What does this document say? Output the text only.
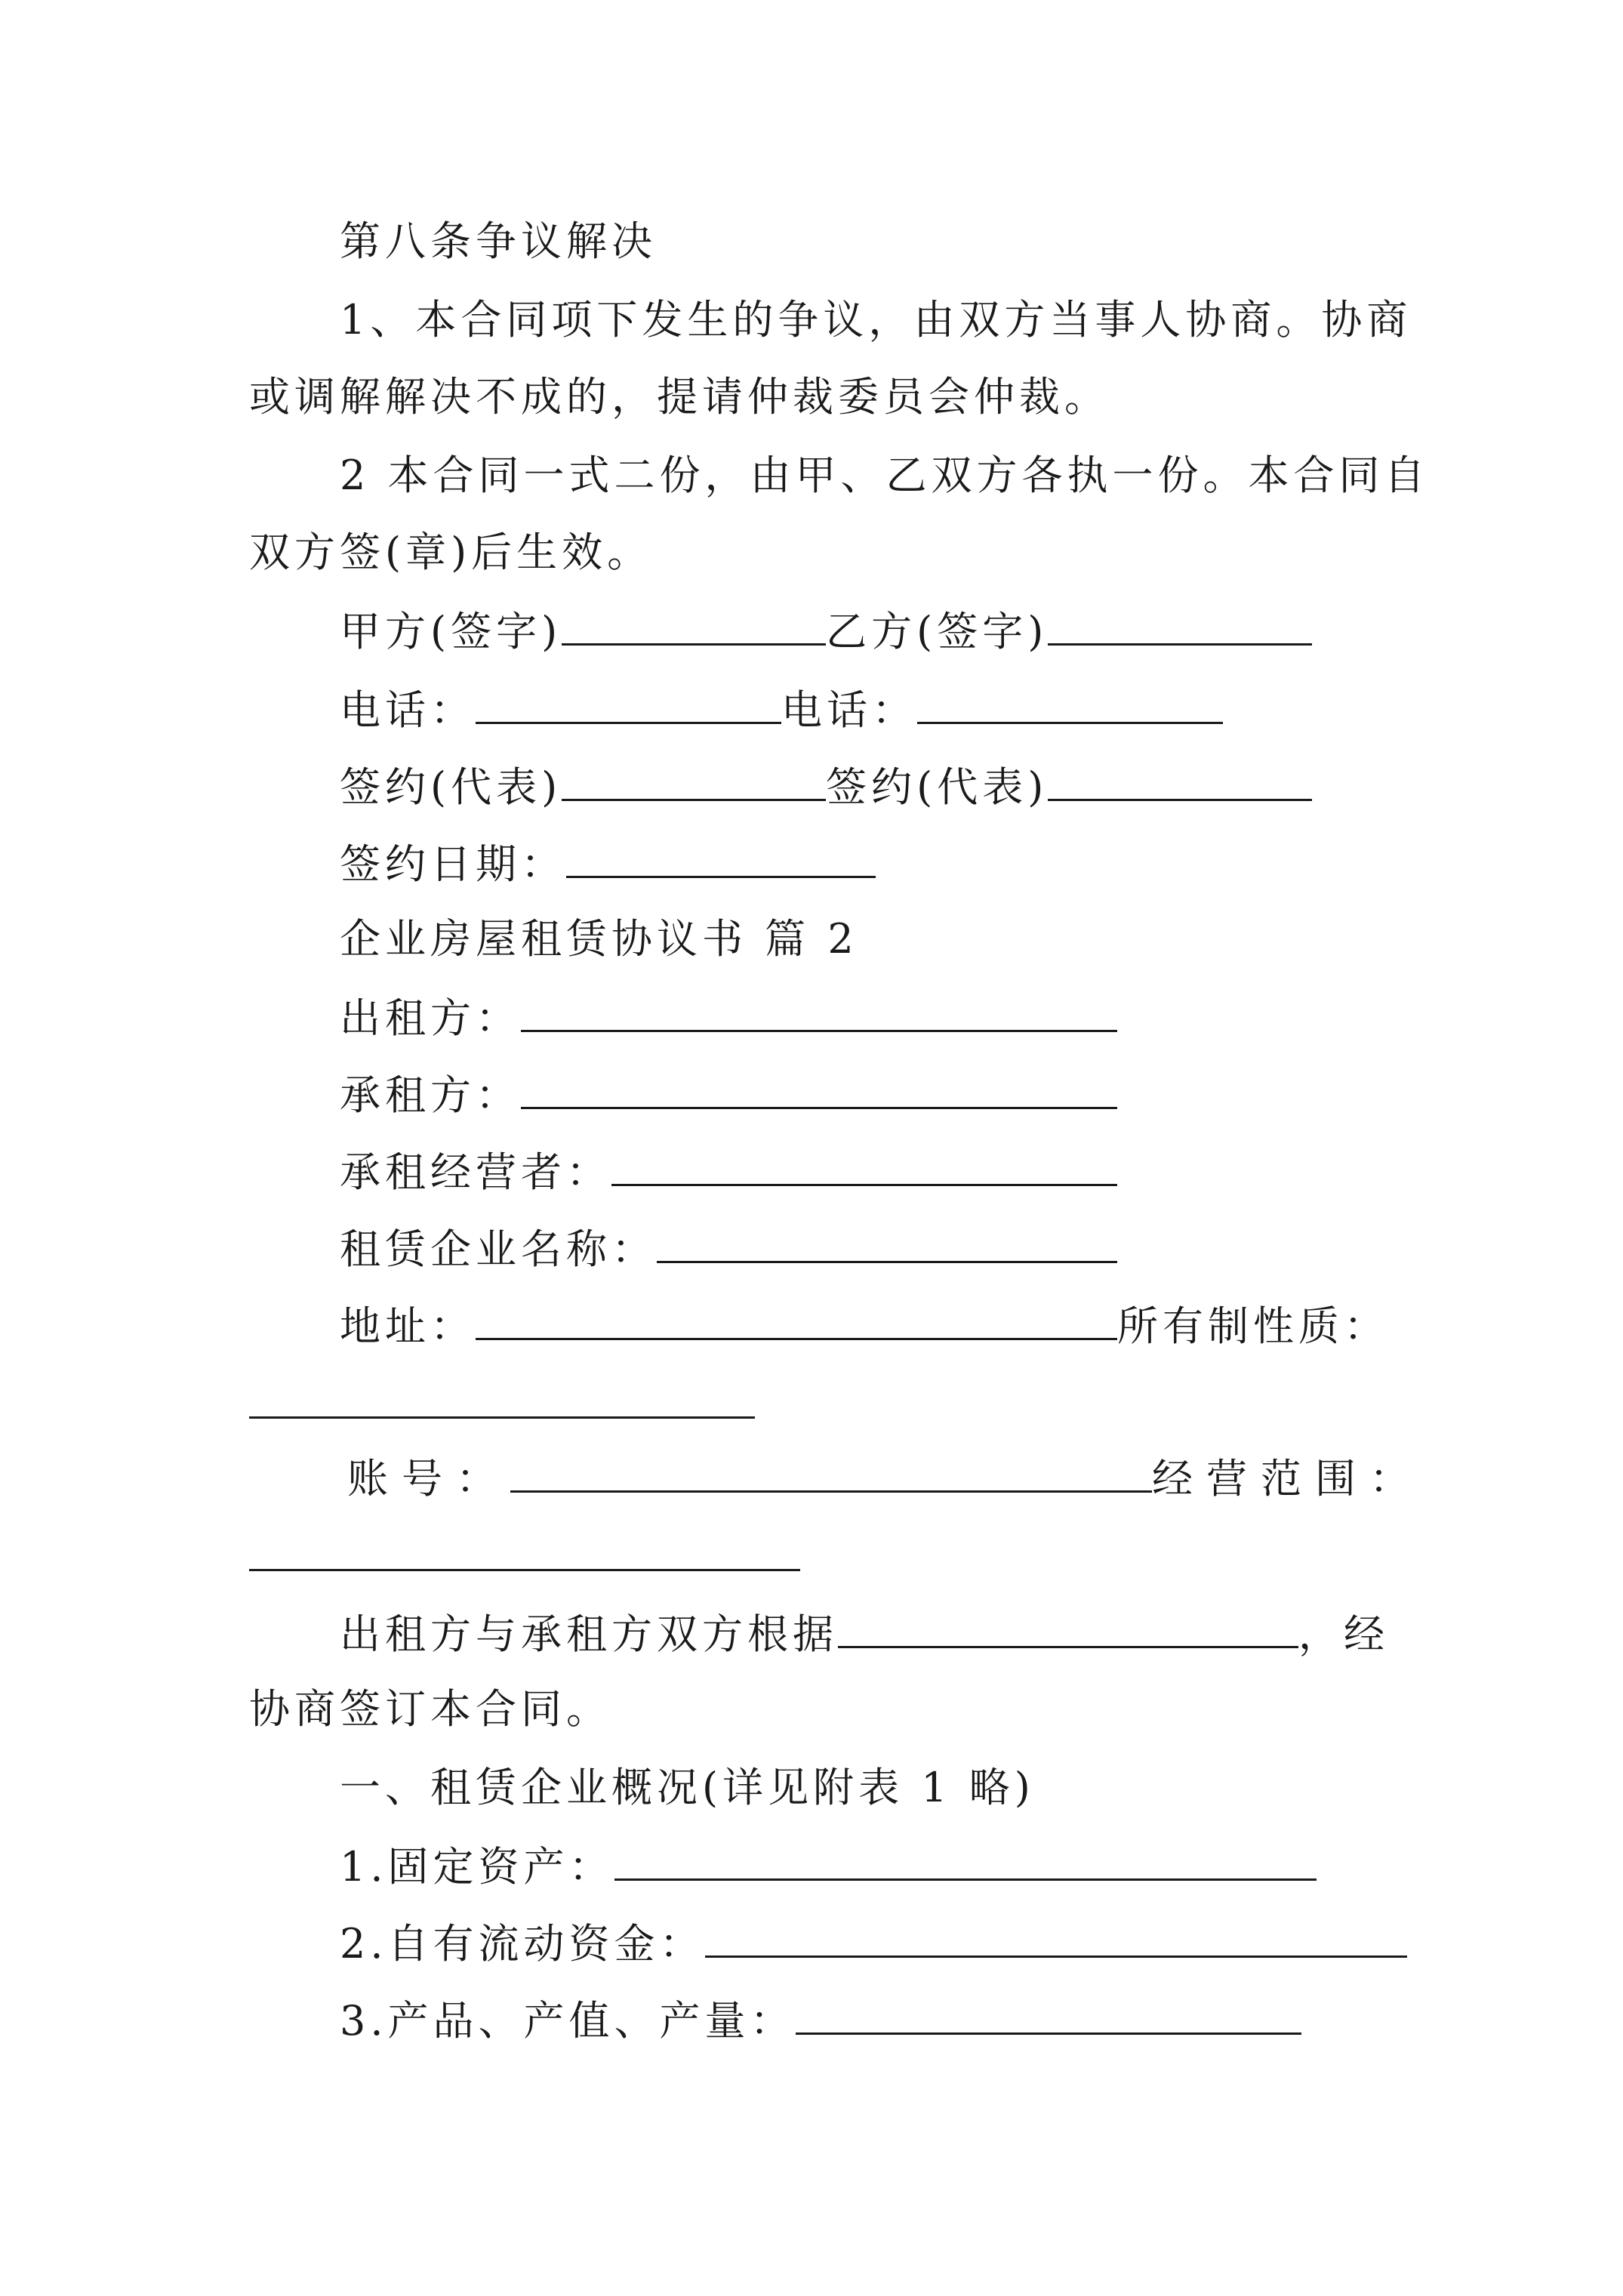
第八条争议解决
1、本合同项下发生的争议，由双方当事人协商。协商
或调解解决不成的，提请仲裁委员会仲裁。
2 本合同一式二份，由甲、乙双方各执一份。本合同自
双方签(章)后生效。
甲方(签字)	乙方(签字)
电话：	电话：
签约(代表)	签约(代表)
签约日期：
企业房屋租赁协议书 篇 2
出租方：
承租方：
承租经营者：
租赁企业名称：
地址：	所有制性质：
账号：	经营范围：
出租方与承租方双方根据	，经
协商签订本合同。
一、租赁企业概况(详见附表 1 略)
1.固定资产：
2.自有流动资金：
3.产品、产值、产量：
